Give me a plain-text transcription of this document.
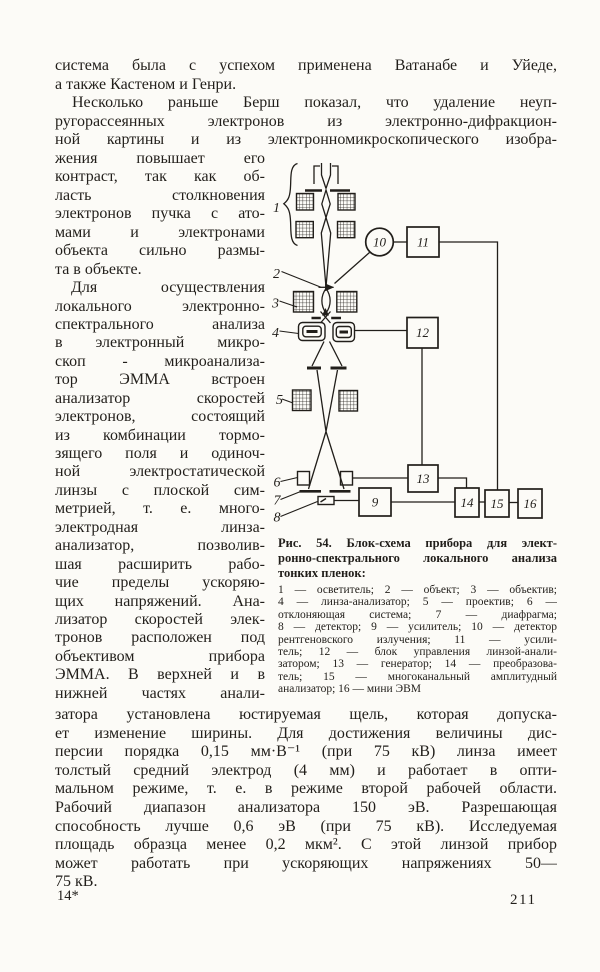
система была с успехом применена Ватанабе и Уйеде,
а также Кастеном и Генри.
Несколько раньше Берш показал, что удаление неуп-
ругорассеянных электронов из электронно-дифракцион-
ной картины и из электронномикроскопического изобра-
жения повышает его
контраст, так как об-
ласть столкновения
электронов пучка с ато-
мами и электронами
объекта сильно размы-
та в объекте.
Для осуществления
локального электронно-
спектрального анализа
в электронный микро-
скоп - микроанализа-
тор ЭММА встроен
анализатор скоростей
электронов, состоящий
из комбинации тормо-
зящего поля и одиноч-
ной электростатической
линзы с плоской сим-
метрией, т. е. много-
электродная линза-
анализатор, позволив-
шая расширить рабо-
чие пределы ускоряю-
щих напряжений. Ана-
лизатор скоростей элек-
тронов расположен под
объективом прибора
ЭММА. В верхней и в
нижней частях анали-
1
2
3
4
5
6
7
8
9
10 11
12
13
14 15 16
Рис. 54. Блок-схема прибора для элект-
ронно-спектрального локального анализа
тонких пленок:
1 — осветитель; 2 — объект; 3 — объектив;
4 — линза-анализатор; 5 — проектив; 6 —
отклоняющая система; 7 — диафрагма;
8 — детектор; 9 — усилитель; 10 — детектор
рентгеновского излучения; 11 — усили-
тель; 12 — блок управления линзой-анали-
затором; 13 — генератор; 14 — преобразова-
тель; 15 — многоканальный амплитудный
анализатор; 16 — мини ЭВМ
затора установлена юстируемая щель, которая допуска-
ет изменение ширины. Для достижения величины дис-
персии порядка 0,15 мм·В⁻¹ (при 75 кВ) линза имеет
толстый средний электрод (4 мм) и работает в опти-
мальном режиме, т. е. в режиме второй рабочей области.
Рабочий диапазон анализатора 150 эВ. Разрешающая
способность лучше 0,6 эВ (при 75 кВ). Исследуемая
площадь образца менее 0,2 мкм². С этой линзой прибор
может работать при ускоряющих напряжениях 50—
75 кВ.
14*	211
